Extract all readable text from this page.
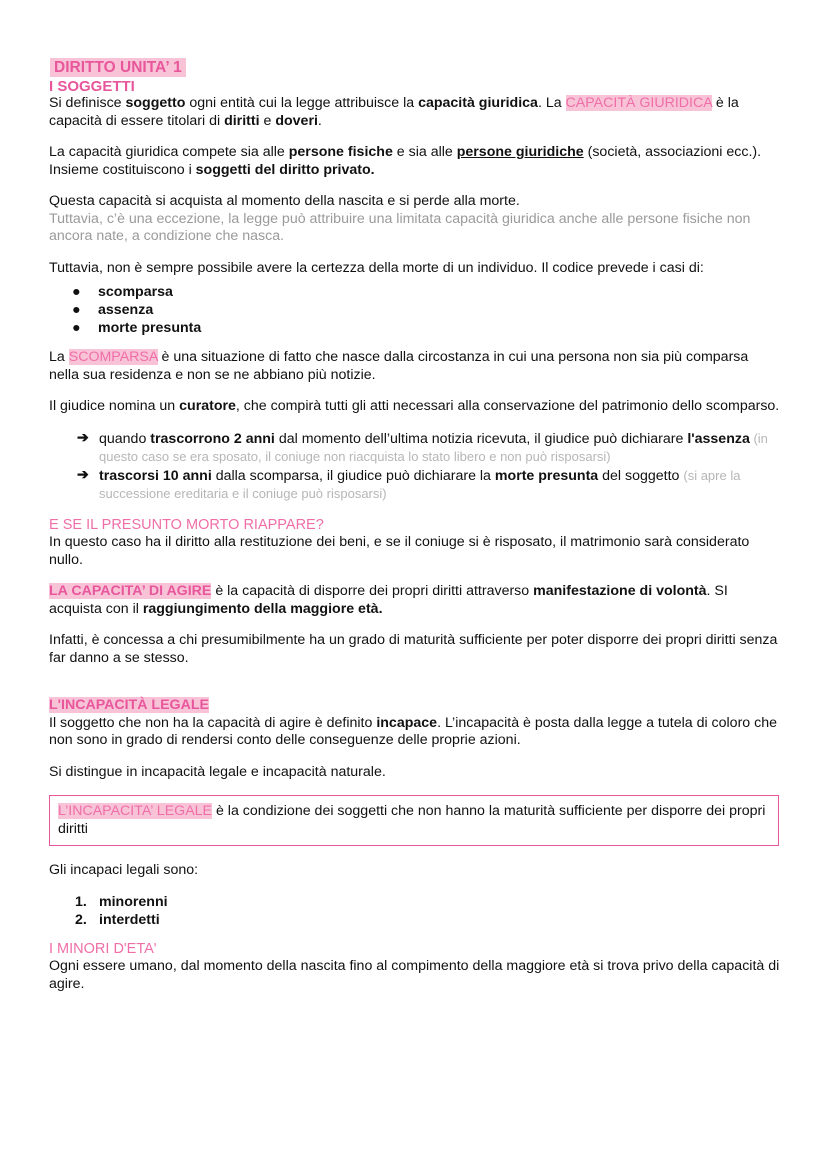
DIRITTO UNITA’ 1
I SOGGETTI

Si definisce soggetto ogni entità cui la legge attribuisce la capacità giuridica. La CAPACITÀ GIURIDICA è la capacità di essere titolari di diritti e doveri.

La capacità giuridica compete sia alle persone fisiche e sia alle persone giuridiche (società, associazioni ecc.). Insieme costituiscono i soggetti del diritto privato.

Questa capacità si acquista al momento della nascita e si perde alla morte.

Tuttavia, c’è una eccezione, la legge può attribuire una limitata capacità giuridica anche alle persone fisiche non ancora nate, a condizione che nasca.

Tuttavia, non è sempre possibile avere la certezza della morte di un individuo. Il codice prevede i casi di:

● scomparsa
● assenza
● morte presunta

La SCOMPARSA è una situazione di fatto che nasce dalla circostanza in cui una persona non sia più comparsa nella sua residenza e non se ne abbiano più notizie.

Il giudice nomina un curatore, che compirà tutti gli atti necessari alla conservazione del patrimonio dello scomparso.

➔ quando trascorrono 2 anni dal momento dell’ultima notizia ricevuta, il giudice può dichiarare l'assenza (in questo caso se era sposato, il coniuge non riacquista lo stato libero e non può risposarsi)
➔ trascorsi 10 anni dalla scomparsa, il giudice può dichiarare la morte presunta del soggetto (si apre la successione ereditaria e il coniuge può risposarsi)
E SE IL PRESUNTO MORTO RIAPPARE?

In questo caso ha il diritto alla restituzione dei beni, e se il coniuge si è risposato, il matrimonio sarà considerato nullo.

LA CAPACITA’ DI AGIRE è la capacità di disporre dei propri diritti attraverso manifestazione di volontà. SI acquista con il raggiungimento della maggiore età.

Infatti, è concessa a chi presumibilmente ha un grado di maturità sufficiente per poter disporre dei propri diritti senza far danno a se stesso.

L'INCAPACITÀ LEGALE

Il soggetto che non ha la capacità di agire è definito incapace. L’incapacità è posta dalla legge a tutela di coloro che non sono in grado di rendersi conto delle conseguenze delle proprie azioni.

Si distingue in incapacità legale e incapacità naturale.

L’INCAPACITA’ LEGALE è la condizione dei soggetti che non hanno la maturità sufficiente per disporre dei propri diritti

Gli incapaci legali sono:

1. minorenni
2. interdetti
I MINORI D'ETA'

Ogni essere umano, dal momento della nascita fino al compimento della maggiore età si trova privo della capacità di agire.
